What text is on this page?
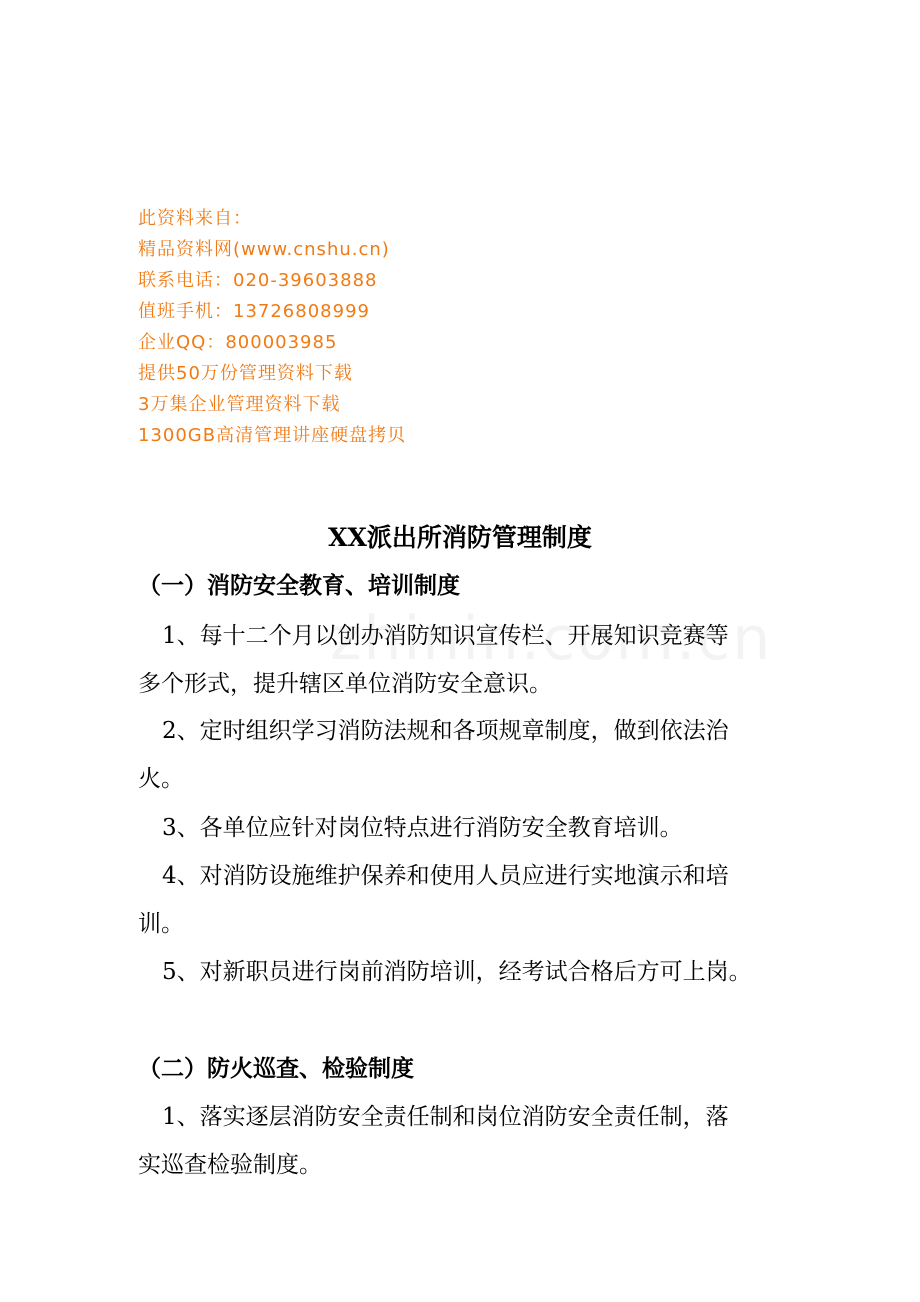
此资料来自：
精品资料网(www.cnshu.cn)
联系电话：020-39603888
值班手机：13726808999
企业QQ：800003985
提供50万份管理资料下载
3万集企业管理资料下载
1300GB高清管理讲座硬盘拷贝
XX派出所消防管理制度
（一）消防安全教育、培训制度
1、每十二个月以创办消防知识宣传栏、开展知识竞赛等
多个形式，提升辖区单位消防安全意识。
2、定时组织学习消防法规和各项规章制度，做到依法治
火。
3、各单位应针对岗位特点进行消防安全教育培训。
4、对消防设施维护保养和使用人员应进行实地演示和培
训。
5、对新职员进行岗前消防培训，经考试合格后方可上岗。
（二）防火巡查、检验制度
1、落实逐层消防安全责任制和岗位消防安全责任制，落
实巡查检验制度。
